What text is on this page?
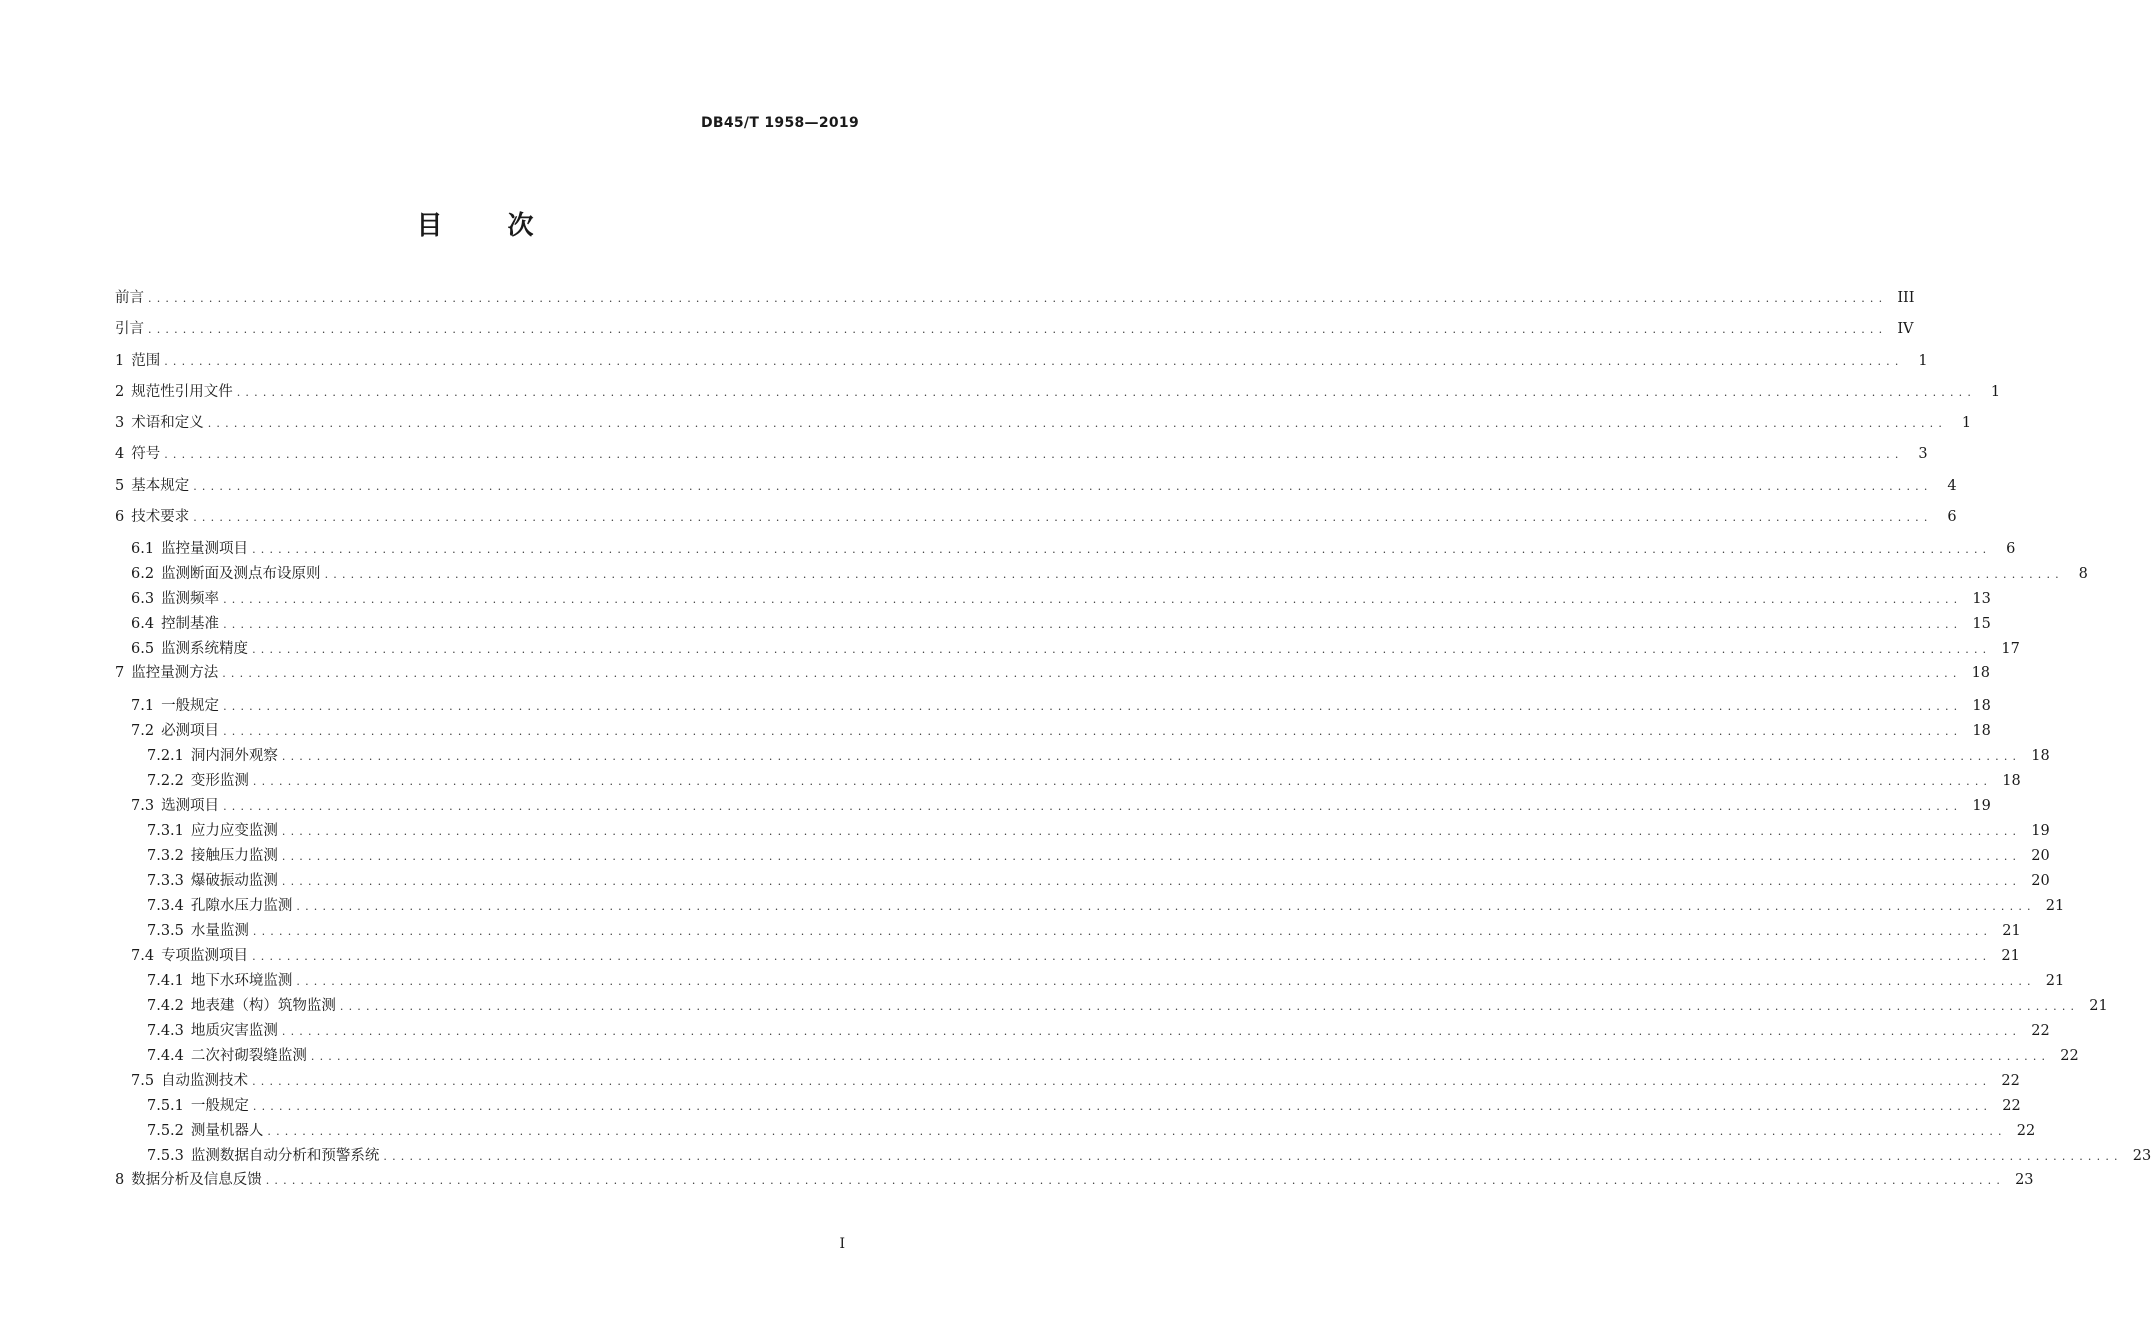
DB45/T 1958—2019
目 次
前言 ........................................................................................................................................................................................................ III
引言 ........................................................................................................................................................................................................ IV
1 范围 ........................................................................................................................................................................................................	1
2 规范性引用文件 ........................................................................................................................................................................................................	1
3 术语和定义 ........................................................................................................................................................................................................	1
4 符号 ........................................................................................................................................................................................................	3
5 基本规定 ........................................................................................................................................................................................................	4
6 技术要求 ........................................................................................................................................................................................................	6
6.1 监控量测项目 ........................................................................................................................................................................................................	6
6.2 监测断面及测点布设原则 ........................................................................................................................................................................................................	8
6.3 监测频率 ........................................................................................................................................................................................................ 13
6.4 控制基准 ........................................................................................................................................................................................................ 15
6.5 监测系统精度 ........................................................................................................................................................................................................ 17
7 监控量测方法 ........................................................................................................................................................................................................ 18
7.1 一般规定 ........................................................................................................................................................................................................ 18
7.2 必测项目 ........................................................................................................................................................................................................ 18
7.2.1 洞内洞外观察 ........................................................................................................................................................................................................ 18
7.2.2 变形监测 ........................................................................................................................................................................................................ 18
7.3 选测项目 ........................................................................................................................................................................................................ 19
7.3.1 应力应变监测 ........................................................................................................................................................................................................ 19
7.3.2 接触压力监测 ........................................................................................................................................................................................................ 20
7.3.3 爆破振动监测 ........................................................................................................................................................................................................ 20
7.3.4 孔隙水压力监测 ........................................................................................................................................................................................................ 21
7.3.5 水量监测 ........................................................................................................................................................................................................ 21
7.4 专项监测项目 ........................................................................................................................................................................................................ 21
7.4.1 地下水环境监测 ........................................................................................................................................................................................................ 21
7.4.2 地表建（构）筑物监测 ........................................................................................................................................................................................................ 21
7.4.3 地质灾害监测 ........................................................................................................................................................................................................ 22
7.4.4 二次衬砌裂缝监测 ........................................................................................................................................................................................................ 22
7.5 自动监测技术 ........................................................................................................................................................................................................ 22
7.5.1 一般规定 ........................................................................................................................................................................................................ 22
7.5.2 测量机器人 ........................................................................................................................................................................................................ 22
7.5.3 监测数据自动分析和预警系统 ........................................................................................................................................................................................................ 23
8 数据分析及信息反馈 ........................................................................................................................................................................................................ 23
I
